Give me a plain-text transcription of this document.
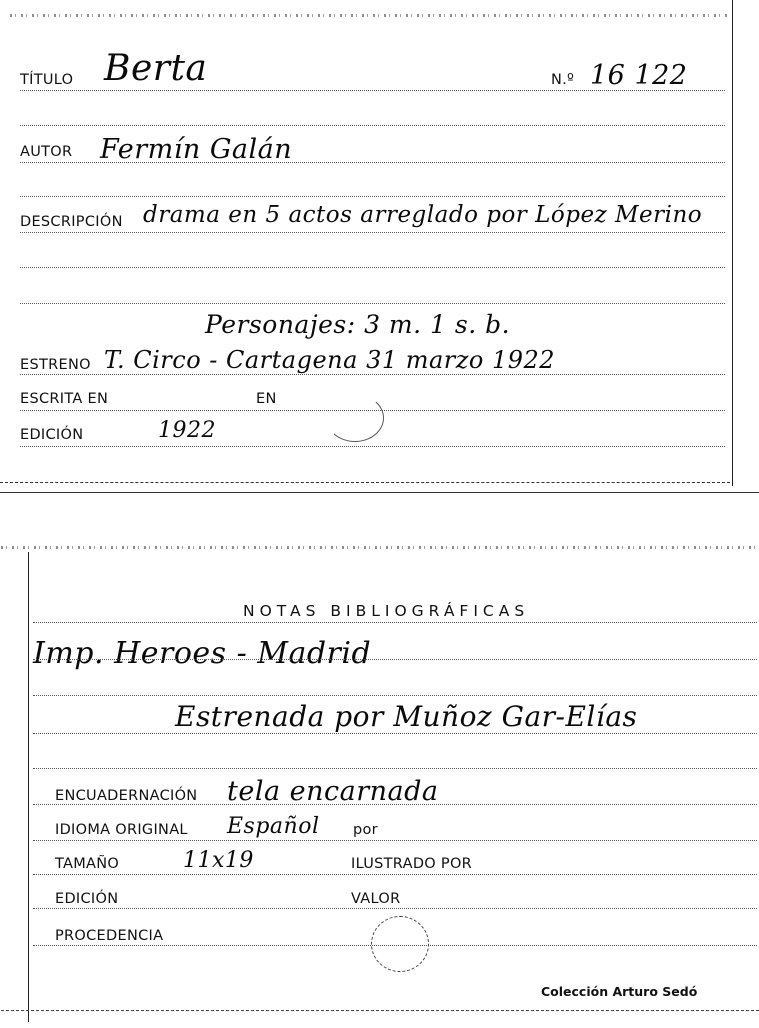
TÍTULO Berta	N.º 16 122
AUTOR Fermín Galán
DESCRIPCIÓN drama en 5 actos arreglado por López Merino
Personajes: 3 m. 1 s. b.
ESTRENO T. Circo - Cartagena 31 marzo 1922
ESCRITA EN	EN
EDICIÓN	1922
NOTAS BIBLIOGRÁFICAS
Imp. Heroes - Madrid
Estrenada por Muñoz Gar-Elías
ENCUADERNACIÓN tela encarnada
IDIOMA ORIGINAL Español por
TAMAÑO	11x19	ILUSTRADO POR
EDICIÓN	VALOR
PROCEDENCIA
Colección Arturo Sedó
